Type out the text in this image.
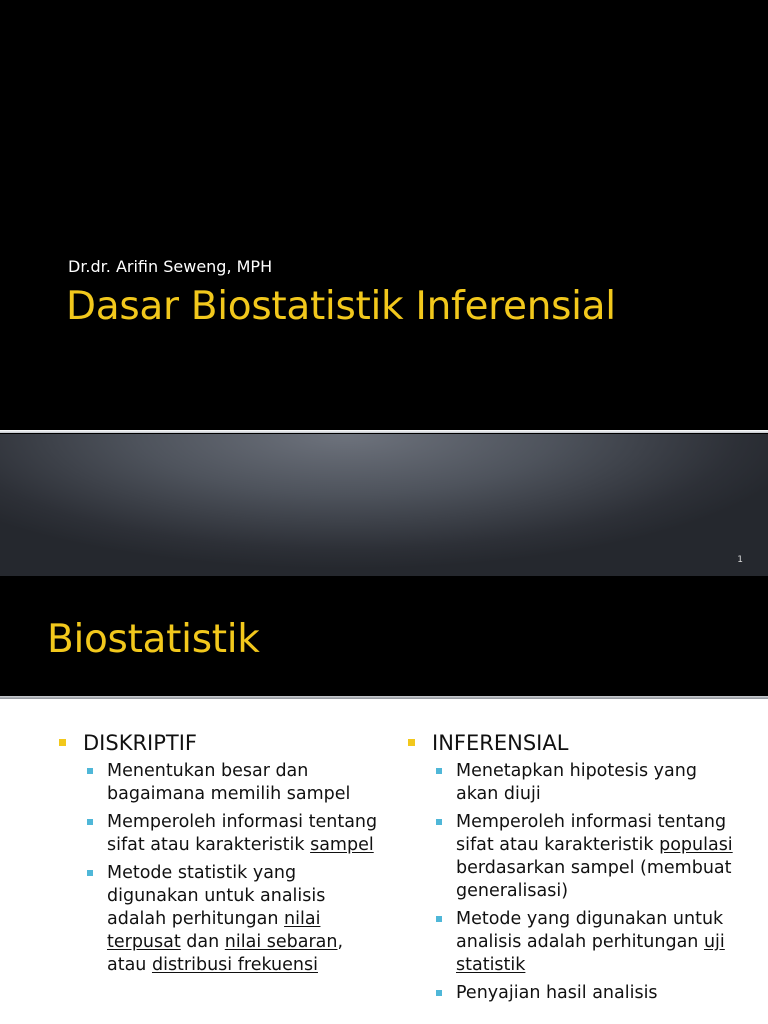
Dr.dr. Arifin Seweng, MPH
Dasar Biostatistik Inferensial
1
Biostatistik
DISKRIPTIF
Menentukan besar dan bagaimana memilih sampel
Memperoleh informasi tentang sifat atau karakteristik sampel
Metode statistik yang digunakan untuk analisis adalah perhitungan nilai terpusat dan nilai sebaran, atau distribusi frekuensi
INFERENSIAL
Menetapkan hipotesis yang akan diuji
Memperoleh informasi tentang sifat atau karakteristik populasi berdasarkan sampel (membuat generalisasi)
Metode yang digunakan untuk analisis adalah perhitungan uji statistik
Penyajian hasil analisis
